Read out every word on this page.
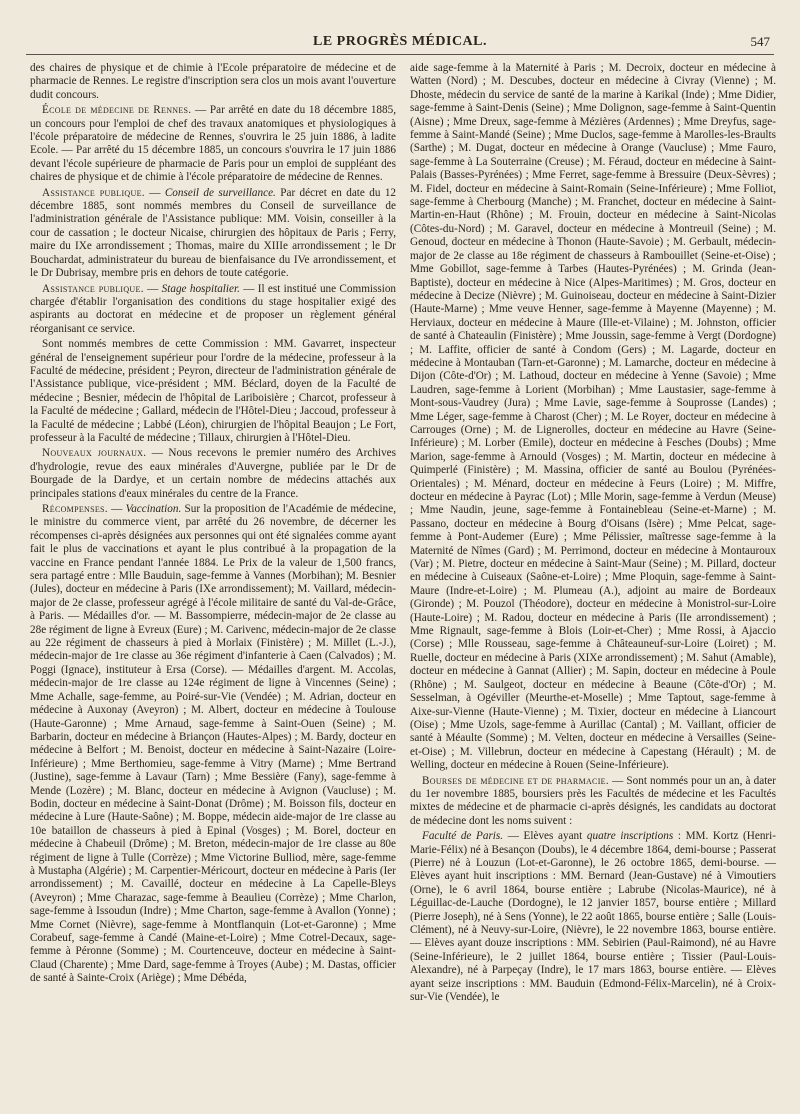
LE PROGRÈS MÉDICAL.	547

des chaires de physique et de chimie à l'Ecole préparatoire de médecine et de pharmacie de Rennes. Le registre d'inscription sera clos un mois avant l'ouverture dudit concours.

École de médecine de Rennes. — Par arrêté en date du 18 décembre 1885, un concours pour l'emploi de chef des travaux anatomiques et physiologiques à l'école préparatoire de médecine de Rennes, s'ouvrira le 25 juin 1886, à ladite Ecole. — Par arrêté du 15 décembre 1885, un concours s'ouvrira le 17 juin 1886 devant l'école supérieure de pharmacie de Paris pour un emploi de suppléant des chaires de physique et de chimie à l'école préparatoire de médecine de Rennes.

Assistance publique. — Conseil de surveillance. Par décret en date du 12 décembre 1885, sont nommés membres du Conseil de surveillance de l'administration générale de l'Assistance publique: MM. Voisin, conseiller à la cour de cassation ; le docteur Nicaise, chirurgien des hôpitaux de Paris ; Ferry, maire du IXe arrondissement ; Thomas, maire du XIIIe arrondissement ; le Dr Bouchardat, administrateur du bureau de bienfaisance du IVe arrondissement, et le Dr Dubrisay, membre pris en dehors de toute catégorie.

Assistance publique. — Stage hospitalier. — Il est institué une Commission chargée d'établir l'organisation des conditions du stage hospitalier exigé des aspirants au doctorat en médecine et de proposer un règlement général réorganisant ce service.

Sont nommés membres de cette Commission : MM. Gavarret, inspecteur général de l'enseignement supérieur pour l'ordre de la médecine, professeur à la Faculté de médecine, président ; Peyron, directeur de l'administration générale de l'Assistance publique, vice-président ; MM. Béclard, doyen de la Faculté de médecine ; Besnier, médecin de l'hôpital de Lariboisière ; Charcot, professeur à la Faculté de médecine ; Gallard, médecin de l'Hôtel-Dieu ; Jaccoud, professeur à la Faculté de médecine ; Labbé (Léon), chirurgien de l'hôpital Beaujon ; Le Fort, professeur à la Faculté de médecine ; Tillaux, chirurgien à l'Hôtel-Dieu.

Nouveaux journaux. — Nous recevons le premier numéro des Archives d'hydrologie, revue des eaux minérales d'Auvergne, publiée par le Dr de Bourgade de la Dardye, et un certain nombre de médecins attachés aux principales stations d'eaux minérales du centre de la France.

Récompenses. — Vaccination. Sur la proposition de l'Académie de médecine, le ministre du commerce vient, par arrêté du 26 novembre, de décerner les récompenses ci-après désignées aux personnes qui ont été signalées comme ayant fait le plus de vaccinations et ayant le plus contribué à la propagation de la vaccine en France pendant l'année 1884. Le Prix de la valeur de 1,500 francs, sera partagé entre : Mlle Bauduin, sage-femme à Vannes (Morbihan); M. Besnier (Jules), docteur en médecine à Paris (IXe arrondissement); M. Vaillard, médecin-major de 2e classe, professeur agrégé à l'école militaire de santé du Val-de-Grâce, à Paris. — Médailles d'or. — M. Bassompierre, médecin-major de 2e classe au 28e régiment de ligne à Evreux (Eure) ; M. Carivenc, médecin-major de 2e classe au 22e régiment de chasseurs à pied à Morlaix (Finistère) ; M. Millet (L.-J.), médecin-major de 1re classe au 36e régiment d'infanterie à Caen (Calvados) ; M. Poggi (Ignace), instituteur à Ersa (Corse). — Médailles d'argent. M. Accolas, médecin-major de 1re classe au 124e régiment de ligne à Vincennes (Seine) ; Mme Achalle, sage-femme, au Poiré-sur-Vie (Vendée) ; M. Adrian, docteur en médecine à Auxonay (Aveyron) ; M. Albert, docteur en médecine à Toulouse (Haute-Garonne) ; Mme Arnaud, sage-femme à Saint-Ouen (Seine) ; M. Barbarin, docteur en médecine à Briançon (Hautes-Alpes) ; M. Bardy, docteur en médecine à Belfort ; M. Benoist, docteur en médecine à Saint-Nazaire (Loire-Inférieure) ; Mme Berthomieu, sage-femme à Vitry (Marne) ; Mme Bertrand (Justine), sage-femme à Lavaur (Tarn) ; Mme Bessière (Fany), sage-femme à Mende (Lozère) ; M. Blanc, docteur en médecine à Avignon (Vaucluse) ; M. Bodin, docteur en médecine à Saint-Donat (Drôme) ; M. Boisson fils, docteur en médecine à Lure (Haute-Saône) ; M. Boppe, médecin aide-major de 1re classe au 10e bataillon de chasseurs à pied à Epinal (Vosges) ; M. Borel, docteur en médecine à Chabeuil (Drôme) ; M. Breton, médecin-major de 1re classe au 80e régiment de ligne à Tulle (Corrèze) ; Mme Victorine Bulliod, mère, sage-femme à Mustapha (Algérie) ; M. Carpentier-Méricourt, docteur en médecine à Paris (Ier arrondissement) ; M. Cavaillé, docteur en médecine à La Capelle-Bleys (Aveyron) ; Mme Charazac, sage-femme à Beaulieu (Corrèze) ; Mme Charlon, sage-femme à Issoudun (Indre) ; Mme Charton, sage-femme à Avallon (Yonne) ; Mme Cornet (Nièvre), sage-femme à Montflanquin (Lot-et-Garonne) ; Mme Corabeuf, sage-femme à Candé (Maine-et-Loire) ; Mme Cotrel-Decaux, sage-femme à Péronne (Somme) ; M. Courtenceuve, docteur en médecine à Saint-Claud (Charente) ; Mme Dard, sage-femme à Troyes (Aube) ; M. Dastas, officier de santé à Sainte-Croix (Ariège) ; Mme Débéda,

aide sage-femme à la Maternité à Paris ; M. Decroix, docteur en médecine à Watten (Nord) ; M. Descubes, docteur en médecine à Civray (Vienne) ; M. Dhoste, médecin du service de santé de la marine à Karikal (Inde) ; Mme Didier, sage-femme à Saint-Denis (Seine) ; Mme Dolignon, sage-femme à Saint-Quentin (Aisne) ; Mme Dreux, sage-femme à Mézières (Ardennes) ; Mme Dreyfus, sage-femme à Saint-Mandé (Seine) ; Mme Duclos, sage-femme à Marolles-les-Braults (Sarthe) ; M. Dugat, docteur en médecine à Orange (Vaucluse) ; Mme Fauro, sage-femme à La Souterraine (Creuse) ; M. Féraud, docteur en médecine à Saint-Palais (Basses-Pyrénées) ; Mme Ferret, sage-femme à Bressuire (Deux-Sèvres) ; M. Fidel, docteur en médecine à Saint-Romain (Seine-Inférieure) ; Mme Folliot, sage-femme à Cherbourg (Manche) ; M. Franchet, docteur en médecine à Saint-Martin-en-Haut (Rhône) ; M. Frouin, docteur en médecine à Saint-Nicolas (Côtes-du-Nord) ; M. Garavel, docteur en médecine à Montreuil (Seine) ; M. Genoud, docteur en médecine à Thonon (Haute-Savoie) ; M. Gerbault, médecin-major de 2e classe au 18e régiment de chasseurs à Rambouillet (Seine-et-Oise) ; Mme Gobillot, sage-femme à Tarbes (Hautes-Pyrénées) ; M. Grinda (Jean-Baptiste), docteur en médecine à Nice (Alpes-Maritimes) ; M. Gros, docteur en médecine à Decize (Nièvre) ; M. Guinoiseau, docteur en médecine à Saint-Dizier (Haute-Marne) ; Mme veuve Henner, sage-femme à Mayenne (Mayenne) ; M. Herviaux, docteur en médecine à Maure (Ille-et-Vilaine) ; M. Johnston, officier de santé à Chateaulin (Finistère) ; Mme Joussin, sage-femme à Vergt (Dordogne) ; M. Laffite, officier de santé à Condom (Gers) ; M. Lagarde, docteur en médecine à Montauban (Tarn-et-Garonne) ; M. Lamarche, docteur en médecine à Dijon (Côte-d'Or) ; M. Lathoud, docteur en médecine à Yenne (Savoie) ; Mme Laudren, sage-femme à Lorient (Morbihan) ; Mme Laustasier, sage-femme à Mont-sous-Vaudrey (Jura) ; Mme Lavie, sage-femme à Souprosse (Landes) ; Mme Léger, sage-femme à Charost (Cher) ; M. Le Royer, docteur en médecine à Carrouges (Orne) ; M. de Lignerolles, docteur en médecine au Havre (Seine-Inférieure) ; M. Lorber (Emile), docteur en médecine à Fesches (Doubs) ; Mme Marion, sage-femme à Arnould (Vosges) ; M. Martin, docteur en médecine à Quimperlé (Finistère) ; M. Massina, officier de santé au Boulou (Pyrénées-Orientales) ; M. Ménard, docteur en médecine à Feurs (Loire) ; M. Miffre, docteur en médecine à Payrac (Lot) ; Mlle Morin, sage-femme à Verdun (Meuse) ; Mme Naudin, jeune, sage-femme à Fontainebleau (Seine-et-Marne) ; M. Passano, docteur en médecine à Bourg d'Oisans (Isère) ; Mme Pelcat, sage-femme à Pont-Audemer (Eure) ; Mme Pélissier, maîtresse sage-femme à la Maternité de Nîmes (Gard) ; M. Perrimond, docteur en médecine à Montauroux (Var) ; M. Pietre, docteur en médecine à Saint-Maur (Seine) ; M. Pillard, docteur en médecine à Cuiseaux (Saône-et-Loire) ; Mme Ploquin, sage-femme à Saint-Maure (Indre-et-Loire) ; M. Plumeau (A.), adjoint au maire de Bordeaux (Gironde) ; M. Pouzol (Théodore), docteur en médecine à Monistrol-sur-Loire (Haute-Loire) ; M. Radou, docteur en médecine à Paris (IIe arrondissement) ; Mme Rignault, sage-femme à Blois (Loir-et-Cher) ; Mme Rossi, à Ajaccio (Corse) ; Mlle Rousseau, sage-femme à Châteauneuf-sur-Loire (Loiret) ; M. Ruelle, docteur en médecine à Paris (XIXe arrondissement) ; M. Sahut (Amable), docteur en médecine à Gannat (Allier) ; M. Sapin, docteur en médecine à Poule (Rhône) ; M. Saulgeot, docteur en médecine à Beaune (Côte-d'Or) ; M. Sesselman, à Ogéviller (Meurthe-et-Moselle) ; Mme Taptout, sage-femme à Aixe-sur-Vienne (Haute-Vienne) ; M. Tixier, docteur en médecine à Liancourt (Oise) ; Mme Uzols, sage-femme à Aurillac (Cantal) ; M. Vaillant, officier de santé à Méaulte (Somme) ; M. Velten, docteur en médecine à Versailles (Seine-et-Oise) ; M. Villebrun, docteur en médecine à Capestang (Hérault) ; M. de Welling, docteur en médecine à Rouen (Seine-Inférieure).

Bourses de médecine et de pharmacie. — Sont nommés pour un an, à dater du 1er novembre 1885, boursiers près les Facultés de médecine et les Facultés mixtes de médecine et de pharmacie ci-après désignés, les candidats au doctorat de médecine dont les noms suivent :

Faculté de Paris. — Elèves ayant quatre inscriptions : MM. Kortz (Henri-Marie-Félix) né à Besançon (Doubs), le 4 décembre 1864, demi-bourse ; Passerat (Pierre) né à Louzun (Lot-et-Garonne), le 26 octobre 1865, demi-bourse. — Elèves ayant huit inscriptions : MM. Bernard (Jean-Gustave) né à Vimoutiers (Orne), le 6 avril 1864, bourse entière ; Labrube (Nicolas-Maurice), né à Léguillac-de-Lauche (Dordogne), le 12 janvier 1857, bourse entière ; Millard (Pierre Joseph), né à Sens (Yonne), le 22 août 1865, bourse entière ; Salle (Louis-Clément), né à Neuvy-sur-Loire, (Nièvre), le 22 novembre 1863, bourse entière. — Elèves ayant douze inscriptions : MM. Sebirien (Paul-Raimond), né au Havre (Seine-Inférieure), le 2 juillet 1864, bourse entière ; Tissier (Paul-Louis-Alexandre), né à Parpeçay (Indre), le 17 mars 1863, bourse entière. — Elèves ayant seize inscriptions : MM. Bauduin (Edmond-Félix-Marcelin), né à Croix-sur-Vie (Vendée), le
